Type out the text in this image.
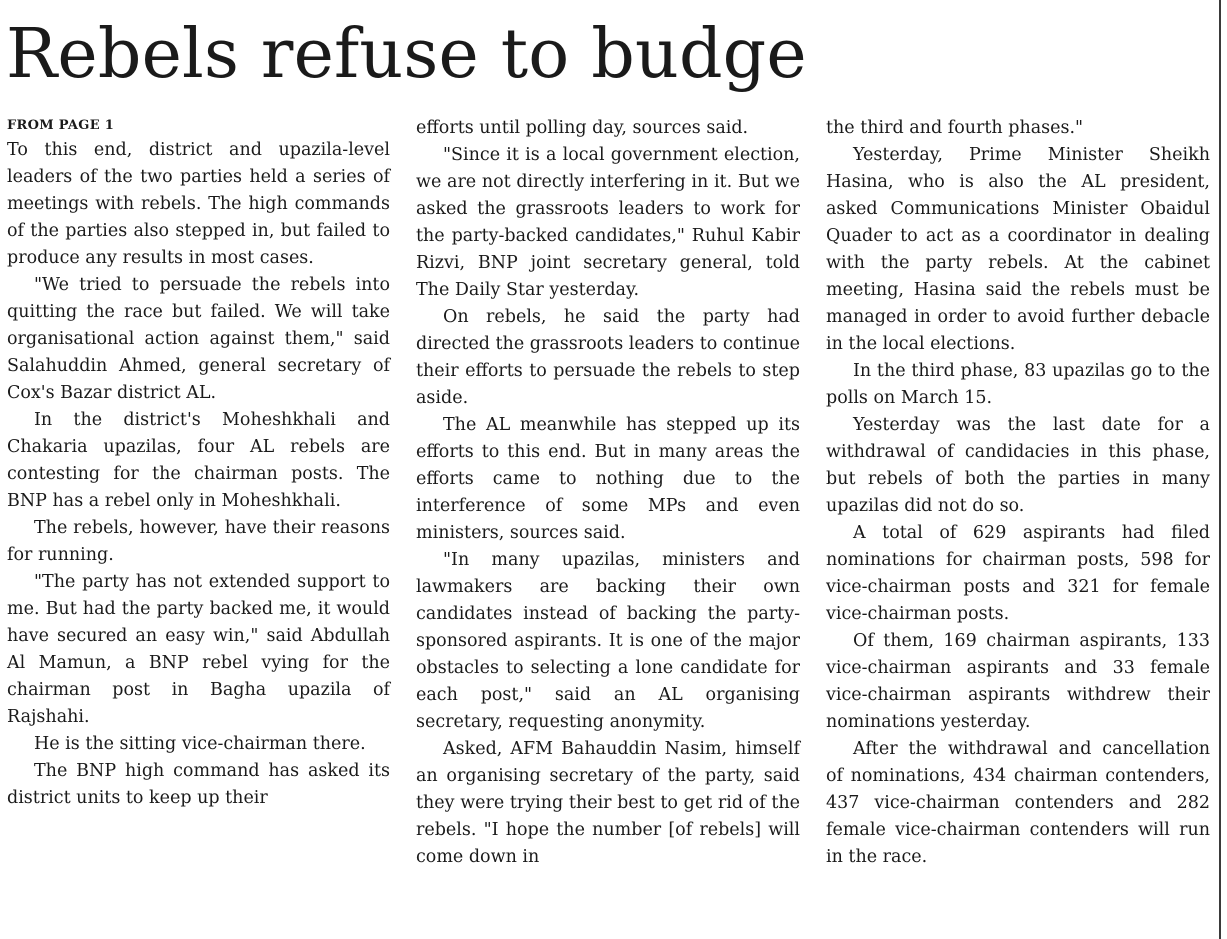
Rebels refuse to budge

FROM PAGE 1

To this end, district and upazila-level leaders of the two parties held a series of meetings with rebels. The high commands of the parties also stepped in, but failed to produce any results in most cases.

"We tried to persuade the rebels into quitting the race but failed. We will take organisational action against them," said Salahuddin Ahmed, general secretary of Cox's Bazar district AL.

In the district's Moheshkhali and Chakaria upazilas, four AL rebels are contesting for the chairman posts. The BNP has a rebel only in Moheshkhali.

The rebels, however, have their reasons for running.

"The party has not extended support to me. But had the party backed me, it would have secured an easy win," said Abdullah Al Mamun, a BNP rebel vying for the chairman post in Bagha upazila of Rajshahi.

He is the sitting vice-chairman there.

The BNP high command has asked its district units to keep up their

efforts until polling day, sources said.

"Since it is a local government election, we are not directly interfering in it. But we asked the grassroots leaders to work for the party-backed candidates," Ruhul Kabir Rizvi, BNP joint secretary general, told The Daily Star yesterday.

On rebels, he said the party had directed the grassroots leaders to continue their efforts to persuade the rebels to step aside.

The AL meanwhile has stepped up its efforts to this end. But in many areas the efforts came to nothing due to the interference of some MPs and even ministers, sources said.

"In many upazilas, ministers and lawmakers are backing their own candidates instead of backing the party-sponsored aspirants. It is one of the major obstacles to selecting a lone candidate for each post," said an AL organising secretary, requesting anonymity.

Asked, AFM Bahauddin Nasim, himself an organising secretary of the party, said they were trying their best to get rid of the rebels. "I hope the number [of rebels] will come down in

the third and fourth phases."

Yesterday, Prime Minister Sheikh Hasina, who is also the AL president, asked Communications Minister Obaidul Quader to act as a coordinator in dealing with the party rebels. At the cabinet meeting, Hasina said the rebels must be managed in order to avoid further debacle in the local elections.

In the third phase, 83 upazilas go to the polls on March 15.

Yesterday was the last date for a withdrawal of candidacies in this phase, but rebels of both the parties in many upazilas did not do so.

A total of 629 aspirants had filed nominations for chairman posts, 598 for vice-chairman posts and 321 for female vice-chairman posts.

Of them, 169 chairman aspirants, 133 vice-chairman aspirants and 33 female vice-chairman aspirants withdrew their nominations yesterday.

After the withdrawal and cancellation of nominations, 434 chairman contenders, 437 vice-chairman contenders and 282 female vice-chairman contenders will run in the race.
